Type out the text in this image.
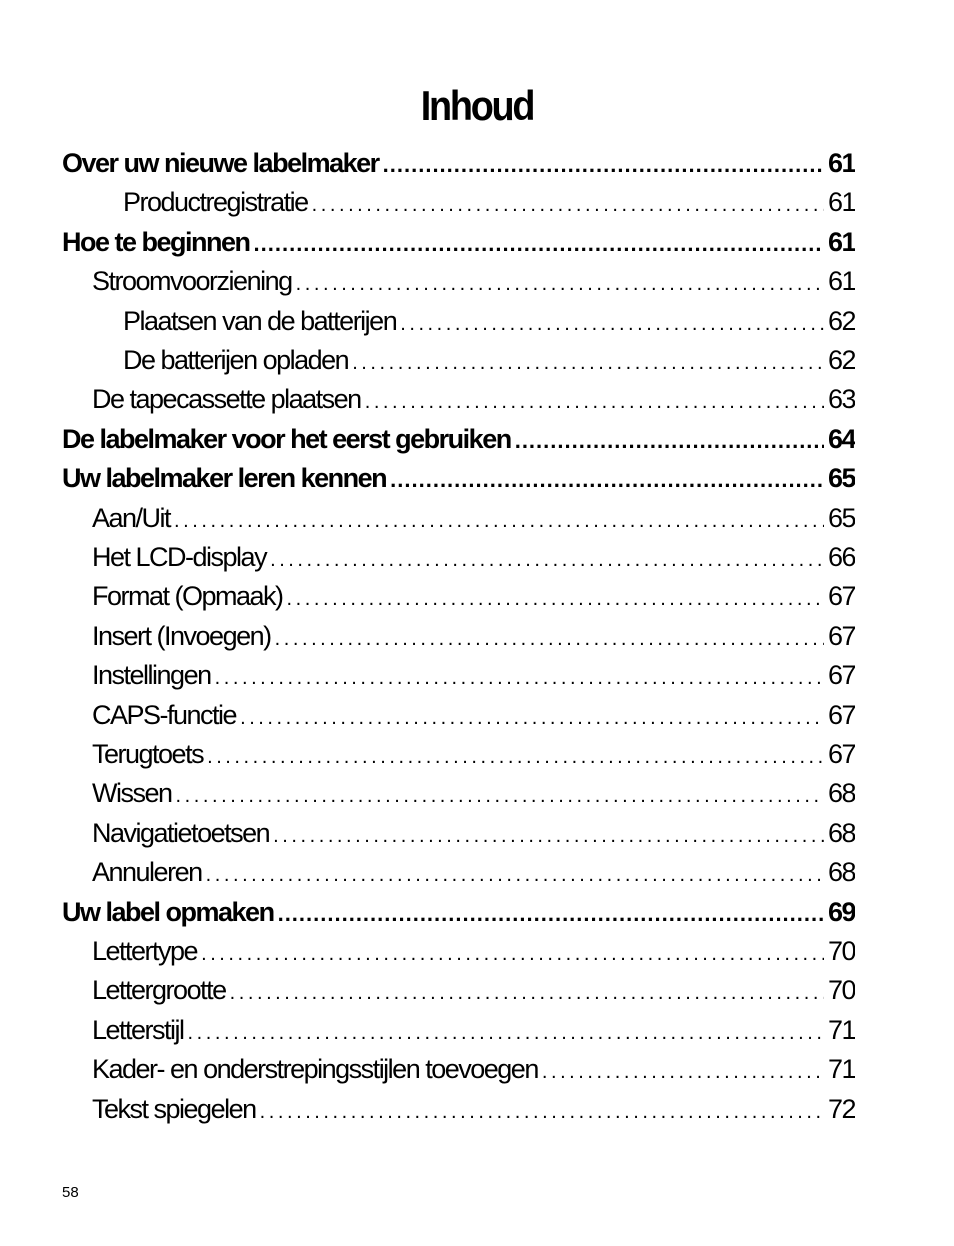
Inhoud
Over uw nieuwe labelmaker .....	61
Productregistratie . . .	61
Hoe te beginnen .....	61
Stroomvoorziening . . .	61
Plaatsen van de batterijen . . .	62
De batterijen opladen . . .	62
De tapecassette plaatsen . . .	63
De labelmaker voor het eerst gebruiken .....	64
Uw labelmaker leren kennen .....	65
Aan/Uit . . .	65
Het LCD-display . . .	66
Format (Opmaak) . . .	67
Insert (Invoegen) . . .	67
Instellingen . . .	67
CAPS-functie . . .	67
Terugtoets . . .	67
Wissen . . .	68
Navigatietoetsen . . .	68
Annuleren . . .	68
Uw label opmaken .....	69
Lettertype . . .	70
Lettergrootte . . .	70
Letterstijl . . .	71
Kader- en onderstrepingsstijlen toevoegen . . .	71
Tekst spiegelen . . .	72
58
